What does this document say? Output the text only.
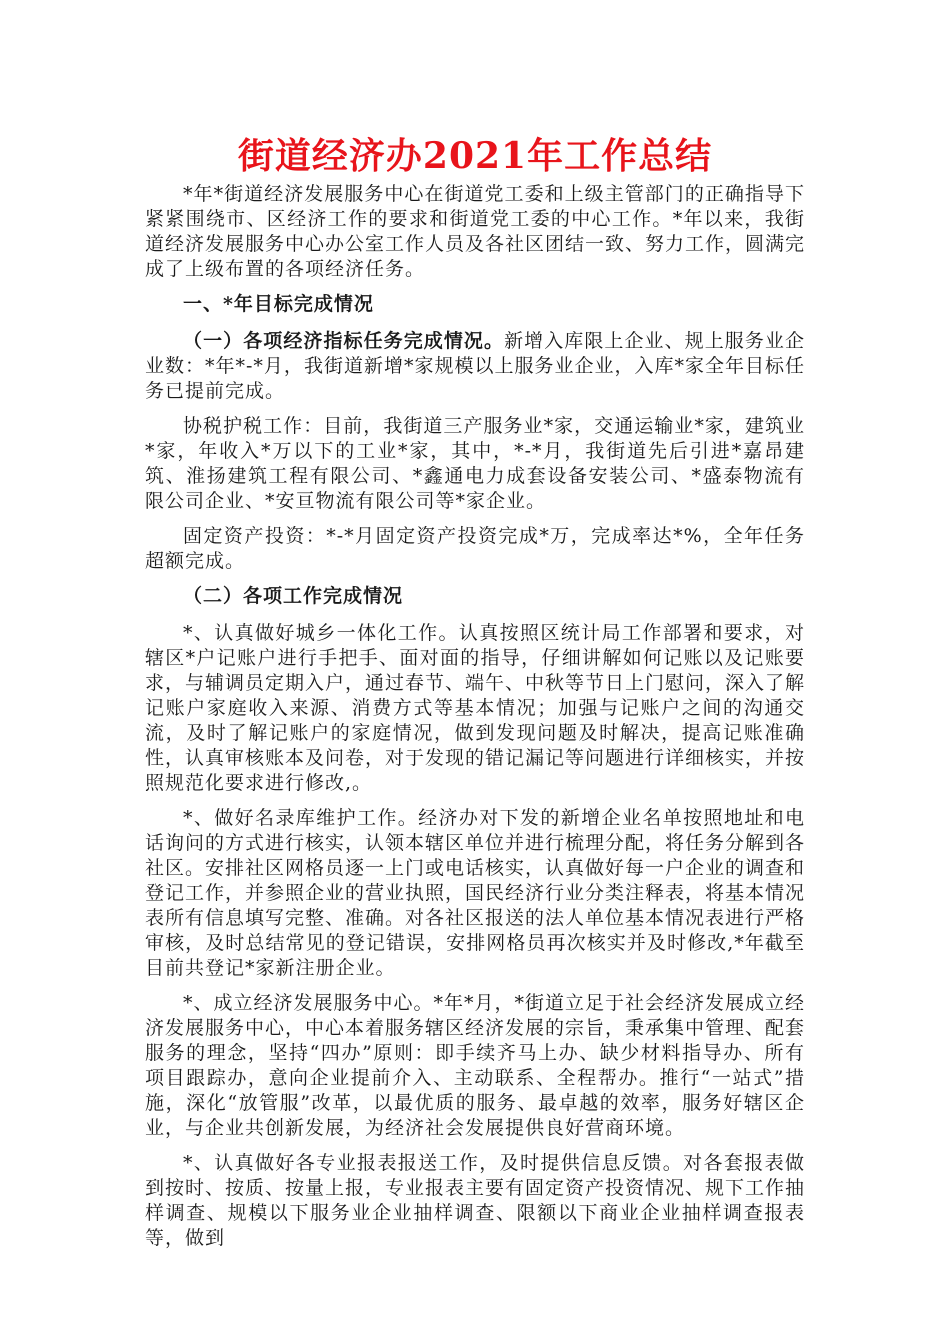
街道经济办2021年工作总结

*年*街道经济发展服务中心在街道党工委和上级主管部门的正确指导下紧紧围绕市、区经济工作的要求和街道党工委的中心工作。*年以来，我街道经济发展服务中心办公室工作人员及各社区团结一致、努力工作，圆满完成了上级布置的各项经济任务。

一、*年目标完成情况

（一）各项经济指标任务完成情况。新增入库限上企业、规上服务业企业数：*年*-*月，我街道新增*家规模以上服务业企业，入库*家全年目标任务已提前完成。

协税护税工作：目前，我街道三产服务业*家，交通运输业*家，建筑业*家，年收入*万以下的工业*家，其中，*-*月，我街道先后引进*嘉昂建筑、淮扬建筑工程有限公司、*鑫通电力成套设备安装公司、*盛泰物流有限公司企业、*安亘物流有限公司等*家企业。

固定资产投资：*-*月固定资产投资完成*万，完成率达*%，全年任务超额完成。

（二）各项工作完成情况

*、认真做好城乡一体化工作。认真按照区统计局工作部署和要求，对辖区*户记账户进行手把手、面对面的指导，仔细讲解如何记账以及记账要求，与辅调员定期入户，通过春节、端午、中秋等节日上门慰问，深入了解记账户家庭收入来源、消费方式等基本情况；加强与记账户之间的沟通交流，及时了解记账户的家庭情况，做到发现问题及时解决，提高记账准确性，认真审核账本及问卷，对于发现的错记漏记等问题进行详细核实，并按照规范化要求进行修改,。

*、做好名录库维护工作。经济办对下发的新增企业名单按照地址和电话询问的方式进行核实，认领本辖区单位并进行梳理分配，将任务分解到各社区。安排社区网格员逐一上门或电话核实，认真做好每一户企业的调查和登记工作，并参照企业的营业执照，国民经济行业分类注释表，将基本情况表所有信息填写完整、准确。对各社区报送的法人单位基本情况表进行严格审核，及时总结常见的登记错误，安排网格员再次核实并及时修改,*年截至目前共登记*家新注册企业。

*、成立经济发展服务中心。*年*月，*街道立足于社会经济发展成立经济发展服务中心，中心本着服务辖区经济发展的宗旨，秉承集中管理、配套服务的理念，坚持“四办”原则：即手续齐马上办、缺少材料指导办、所有项目跟踪办，意向企业提前介入、主动联系、全程帮办。推行“一站式”措施，深化“放管服”改革，以最优质的服务、最卓越的效率，服务好辖区企业，与企业共创新发展，为经济社会发展提供良好营商环境。

*、认真做好各专业报表报送工作，及时提供信息反馈。对各套报表做到按时、按质、按量上报，专业报表主要有固定资产投资情况、规下工作抽样调查、规模以下服务业企业抽样调查、限额以下商业企业抽样调查报表等，做到
